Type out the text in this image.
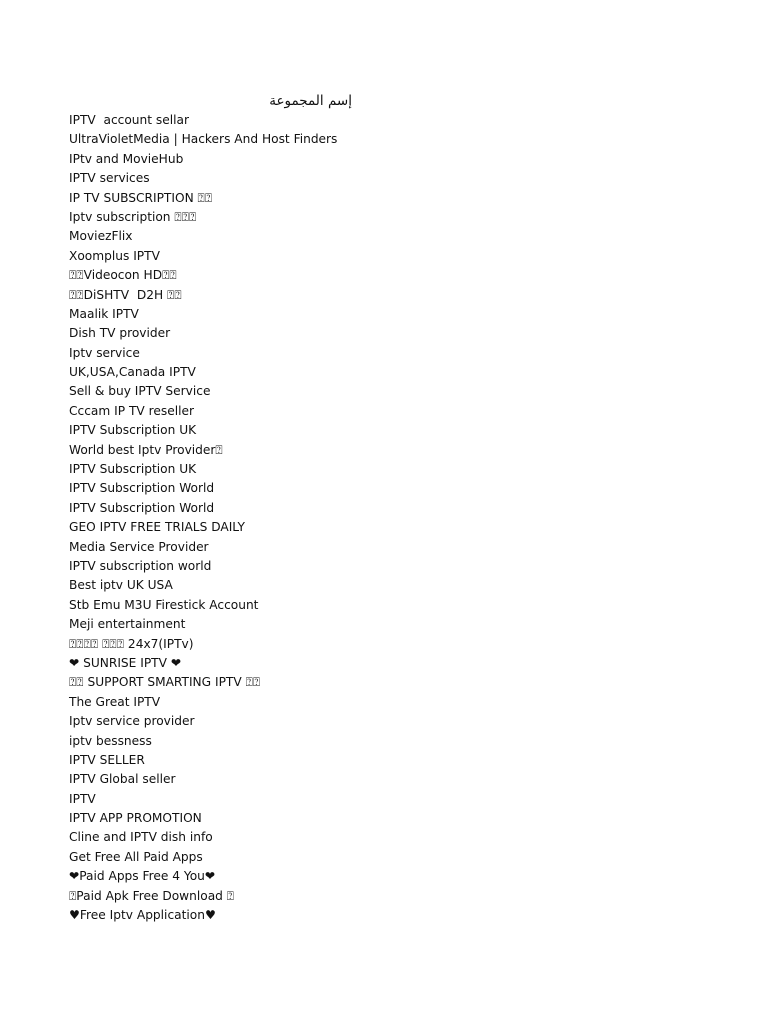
إسم المجموعة
IPTV  account sellar
UltraVioletMedia | Hackers And Host Finders
IPtv and MovieHub
IPTV services
IP TV SUBSCRIPTION ⍰⍰
Iptv subscription ⍰⍰⍰
MoviezFlix
Xoomplus IPTV
⍰⍰Videocon HD⍰⍰
⍰⍰DiSHTV  D2H ⍰⍰
Maalik IPTV
Dish TV provider
Iptv service
UK,USA,Canada IPTV
Sell & buy IPTV Service
Cccam IP TV reseller
IPTV Subscription UK
World best Iptv Provider⍰
IPTV Subscription UK
IPTV Subscription World
IPTV Subscription World
GEO IPTV FREE TRIALS DAILY
Media Service Provider
IPTV subscription world
Best iptv UK USA
Stb Emu M3U Firestick Account
Meji entertainment
⍰⍰⍰⍰ ⍰⍰⍰ 24x7(IPTv)
❤ SUNRISE IPTV ❤
⍰⍰ SUPPORT SMARTING IPTV ⍰⍰
The Great IPTV
Iptv service provider
iptv bessness
IPTV SELLER
IPTV Global seller
IPTV
IPTV APP PROMOTION
Cline and IPTV dish info
Get Free All Paid Apps
❤Paid Apps Free 4 You❤
⍰Paid Apk Free Download ⍰
♥Free Iptv Application♥
